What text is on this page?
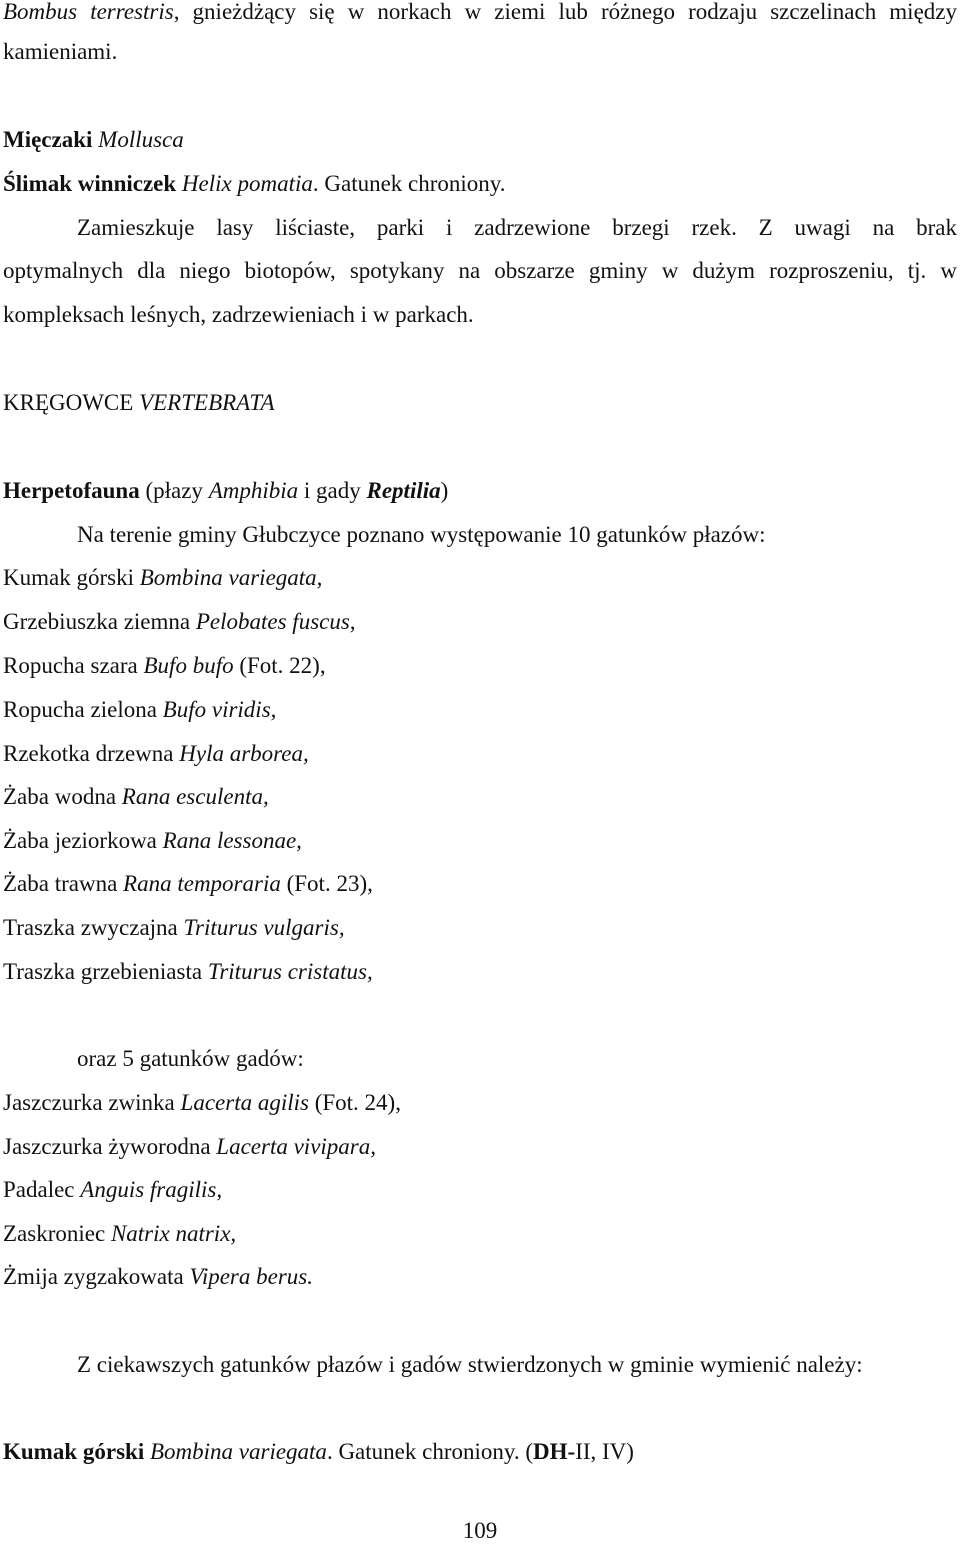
Bombus terrestris, gnieżdżący się w norkach w ziemi lub różnego rodzaju szczelinach między
kamieniami.
Mięczaki Mollusca
Ślimak winniczek Helix pomatia. Gatunek chroniony.
Zamieszkuje lasy liściaste, parki i zadrzewione brzegi rzek. Z uwagi na brak
optymalnych dla niego biotopów, spotykany na obszarze gminy w dużym rozproszeniu, tj. w
kompleksach leśnych, zadrzewieniach i w parkach.
KRĘGOWCE VERTEBRATA
Herpetofauna (płazy Amphibia i gady Reptilia)
Na terenie gminy Głubczyce poznano występowanie 10 gatunków płazów:
Kumak górski Bombina variegata,
Grzebiuszka ziemna Pelobates fuscus,
Ropucha szara Bufo bufo (Fot. 22),
Ropucha zielona Bufo viridis,
Rzekotka drzewna Hyla arborea,
Żaba wodna Rana esculenta,
Żaba jeziorkowa Rana lessonae,
Żaba trawna Rana temporaria (Fot. 23),
Traszka zwyczajna Triturus vulgaris,
Traszka grzebieniasta Triturus cristatus,
oraz 5 gatunków gadów:
Jaszczurka zwinka Lacerta agilis (Fot. 24),
Jaszczurka żyworodna Lacerta vivipara,
Padalec Anguis fragilis,
Zaskroniec Natrix natrix,
Żmija zygzakowata Vipera berus.
Z ciekawszych gatunków płazów i gadów stwierdzonych w gminie wymienić należy:
Kumak górski Bombina variegata. Gatunek chroniony. (DH-II, IV)
109
